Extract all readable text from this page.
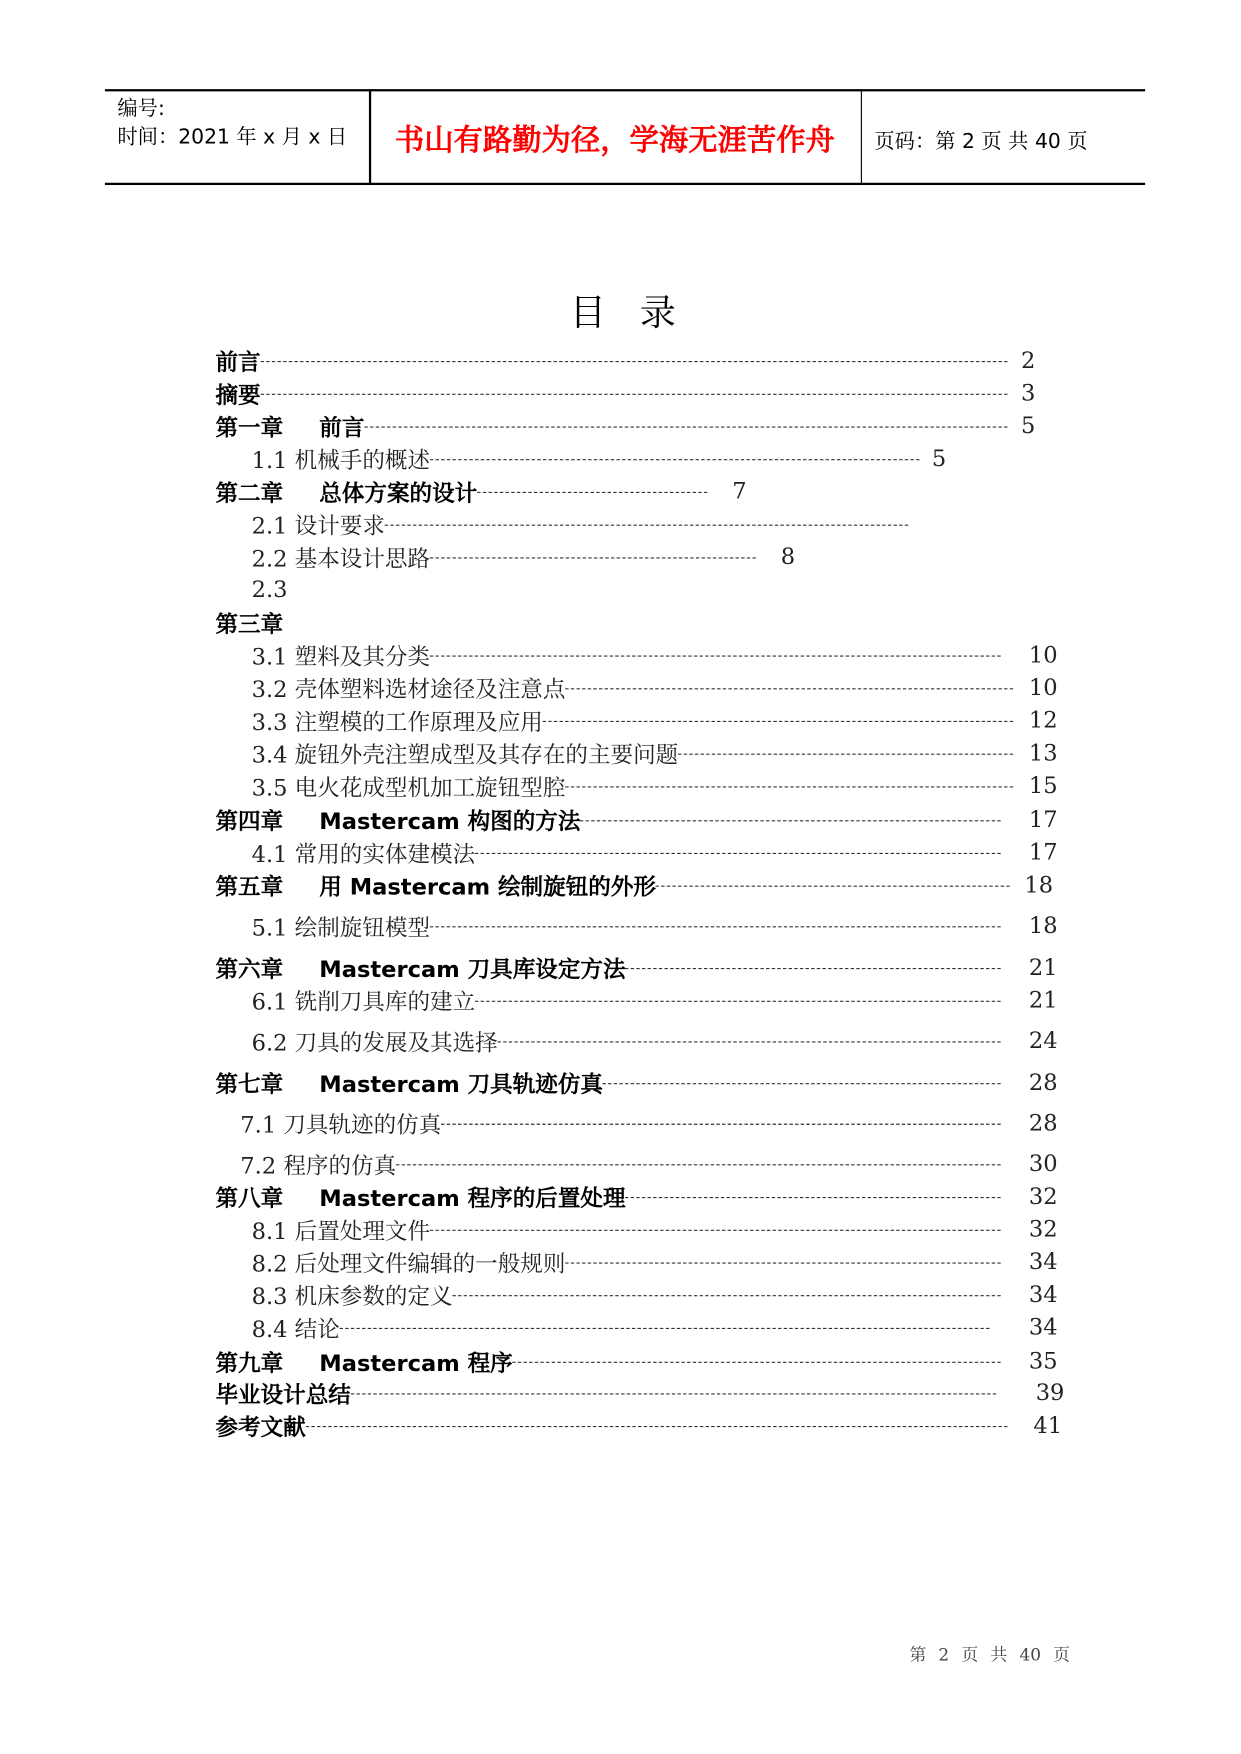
编号:
时间：2021 年 x 月 x 日 书山有路勤为径，学海无涯苦作舟 页码：第 2 页 共 40 页
目录
前言	2
摘要	3
第一章 前言	5
1.1 机械手的概述	5
第二章 总体方案的设计	7
2.1 设计要求
2.2 基本设计思路	8
2.3
第三章
3.1 塑料及其分类	10
3.2 壳体塑料选材途径及注意点	10
3.3 注塑模的工作原理及应用	12
3.4 旋钮外壳注塑成型及其存在的主要问题	13
3.5 电火花成型机加工旋钮型腔	15
第四章 Mastercam 构图的方法	17
4.1 常用的实体建模法	17
第五章 用 Mastercam 绘制旋钮的外形	18
5.1 绘制旋钮模型	18
第六章 Mastercam 刀具库设定方法	21
6.1 铣削刀具库的建立	21
6.2 刀具的发展及其选择	24
第七章 Mastercam 刀具轨迹仿真	28
7.1 刀具轨迹的仿真	28
7.2 程序的仿真	30
第八章 Mastercam 程序的后置处理	32
8.1 后置处理文件	32
8.2 后处理文件编辑的一般规则	34
8.3 机床参数的定义	34
8.4 结论	34
第九章 Mastercam 程序	35
毕业设计总结	39
参考文献	41
第 2 页 共 40 页
